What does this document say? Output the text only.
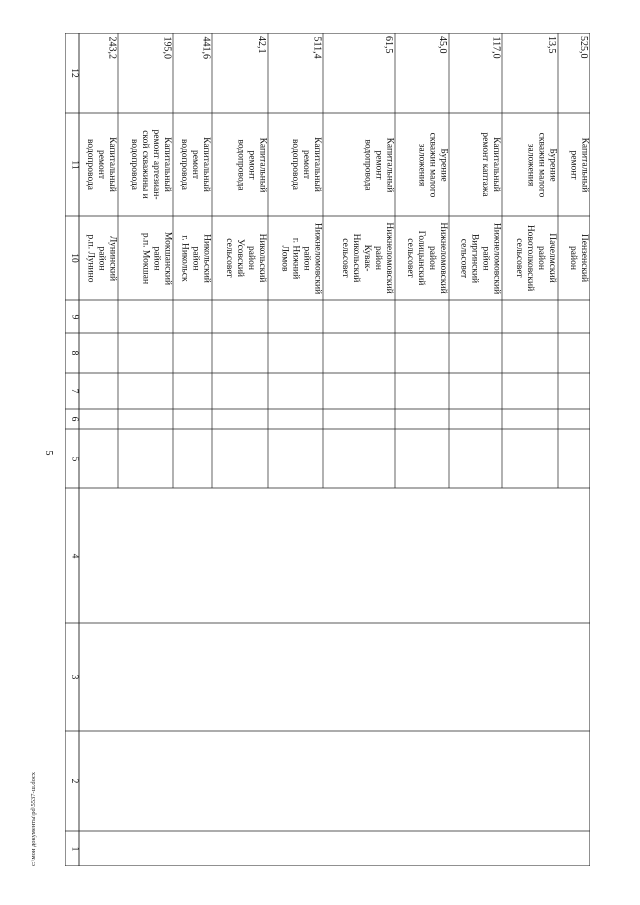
5
12
11
10
9
8
7
6
5
4
3
2
1
243,2
Капитальный
ремонт
водопровода
Лунинский
район
р.п. Лунино
195,0
Капитальный
ремонт артезиан-
ской скважины и
водопровода
Мокшанский
район
р.п. Мокшан
441,6
Капитальный
ремонт
водопровода
Никольский
район
г. Никольск
42,1
Капитальный
ремонт
водопровода
Никольский
район
Усовский
сельсовет
511,4
Капитальный
ремонт
водопровода
Нижнеломовский
район
г. Нижний
Ломов
61,5
Капитальный
ремонт
водопровода
Нижнеломовский
район
Кувак-
Никольский
сельсовет
45,0
Бурение
скважин малого
заложения
Нижнеломовский
район
Голицынский
сельсовет
117,0
Капитальный
ремонт каптажа
Нижнеломовский
район
Виргинский
сельсовет
13,5
Бурение
скважин малого
заложения
Пачелмский
район
Новотолковский
сельсовет
525,0
Капитальный
ремонт
Пензенский
район
c:\мои документы\pd\5537-ш.docx
